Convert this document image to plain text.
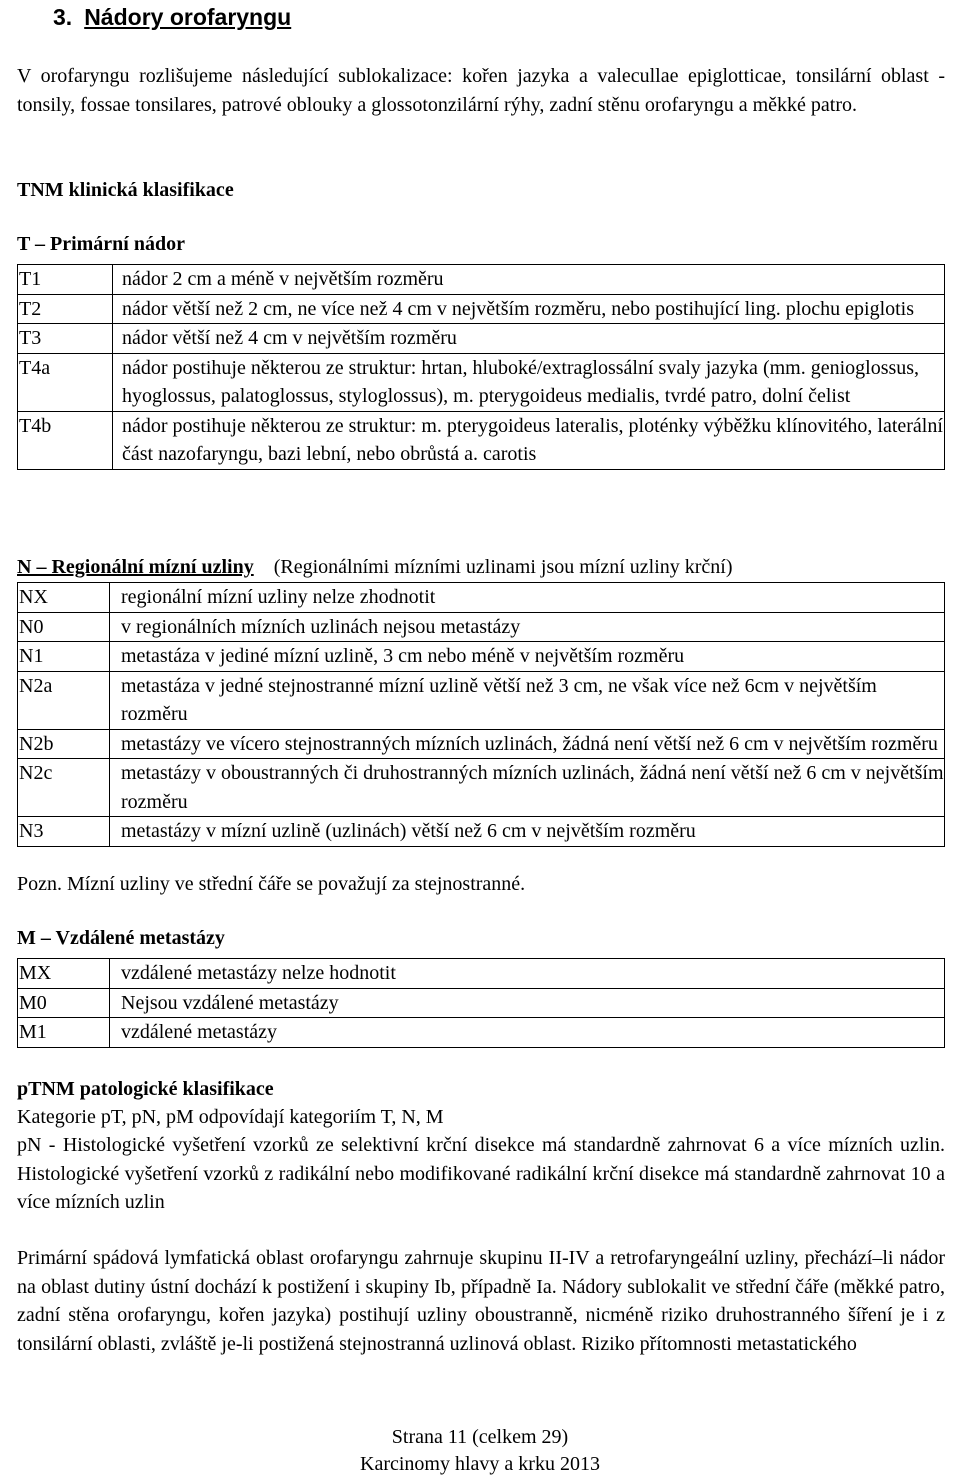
3. Nádory orofaryngu

V orofaryngu rozlišujeme následující sublokalizace: kořen jazyka a valecullae epiglotticae, tonsilární oblast - tonsily, fossae tonsilares, patrové oblouky a glossotonzilární rýhy, zadní stěnu orofaryngu a měkké patro.

TNM klinická klasifikace
T – Primární nádor
T1	nádor 2 cm a méně v největším rozměru
T2	nádor větší než 2 cm, ne více než 4 cm v největším rozměru, nebo postihující ling. plochu epiglotis
T3	nádor větší než 4 cm v největším rozměru
T4a	nádor postihuje některou ze struktur: hrtan, hluboké/extraglossální svaly jazyka (mm. genioglossus, hyoglossus, palatoglossus, styloglossus), m. pterygoideus medialis, tvrdé patro, dolní čelist
T4b	nádor postihuje některou ze struktur: m. pterygoideus lateralis, ploténky výběžku klínovitého, laterální část nazofaryngu, bazi lební, nebo obrůstá a. carotis
N – Regionální mízní uzliny (Regionálními mízními uzlinami jsou mízní uzliny krční)
NX	regionální mízní uzliny nelze zhodnotit
N0	v regionálních mízních uzlinách nejsou metastázy
N1	metastáza v jediné mízní uzlině, 3 cm nebo méně v největším rozměru
N2a	metastáza v jedné stejnostranné mízní uzlině větší než 3 cm, ne však více než 6cm v největším rozměru
N2b	metastázy ve vícero stejnostranných mízních uzlinách, žádná není větší než 6 cm v největším rozměru
N2c	metastázy v oboustranných či druhostranných mízních uzlinách, žádná není větší než 6 cm v největším rozměru
N3	metastázy v mízní uzlině (uzlinách) větší než 6 cm v největším rozměru
Pozn. Mízní uzliny ve střední čáře se považují za stejnostranné.
M – Vzdálené metastázy
MX	vzdálené metastázy nelze hodnotit
M0	Nejsou vzdálené metastázy
M1	vzdálené metastázy
pTNM patologické klasifikace
Kategorie pT, pN, pM odpovídají kategoriím T, N, M

pN - Histologické vyšetření vzorků ze selektivní krční disekce má standardně zahrnovat 6 a více mízních uzlin. Histologické vyšetření vzorků z radikální nebo modifikované radikální krční disekce má standardně zahrnovat 10 a více mízních uzlin

Primární spádová lymfatická oblast orofaryngu zahrnuje skupinu II-IV a retrofaryngeální uzliny, přechází–li nádor na oblast dutiny ústní dochází k postižení i skupiny Ib, případně Ia. Nádory sublokalit ve střední čáře (měkké patro, zadní stěna orofaryngu, kořen jazyka) postihují uzliny oboustranně, nicméně riziko druhostranného šíření je i z tonsilární oblasti, zvláště je-li postižená stejnostranná uzlinová oblast. Riziko přítomnosti metastatického

Strana 11 (celkem 29)
Karcinomy hlavy a krku 2013
